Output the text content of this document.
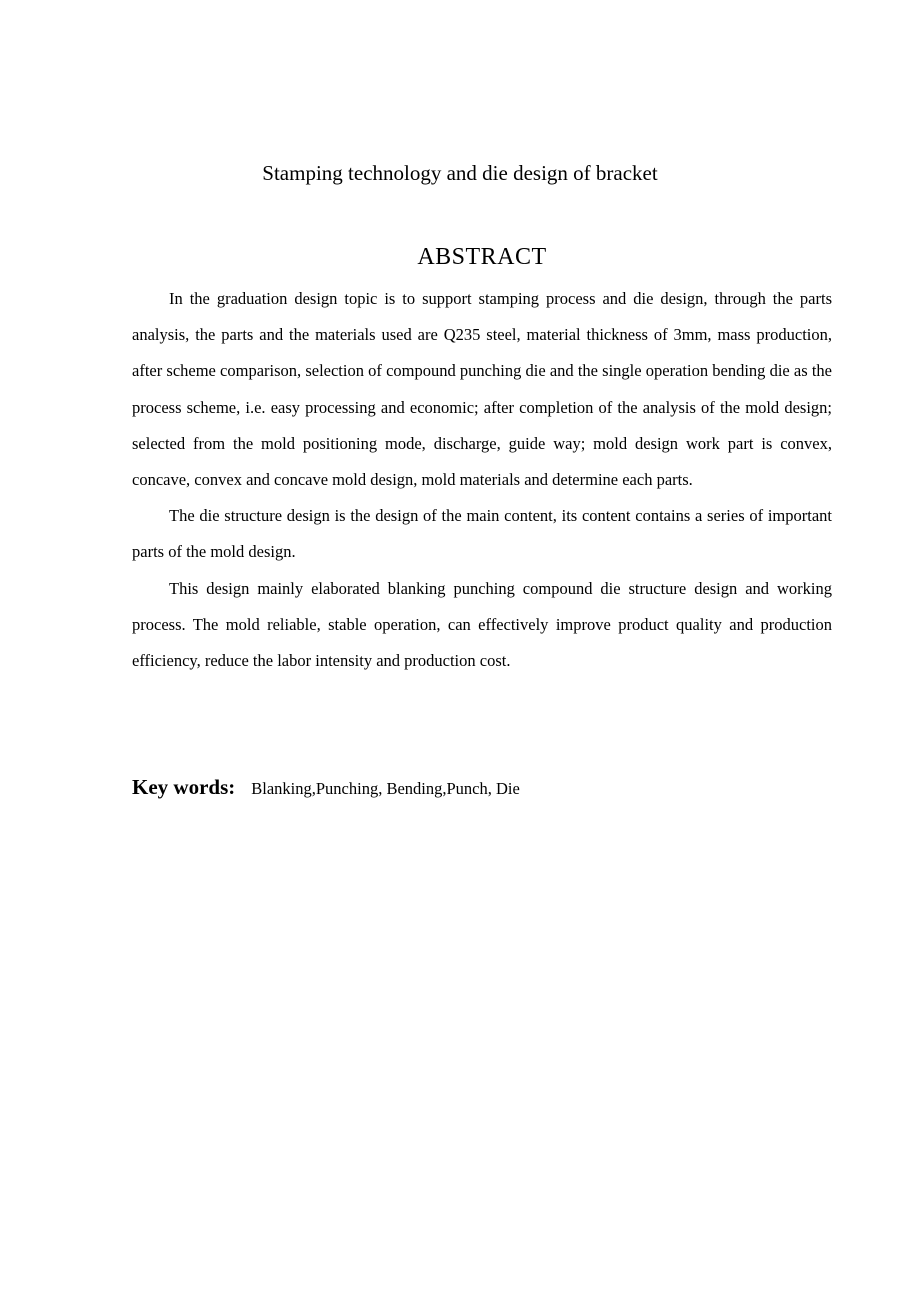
Stamping technology and die design of bracket
ABSTRACT

In the graduation design topic is to support stamping process and die design, through the parts analysis, the parts and the materials used are Q235 steel, material thickness of 3mm, mass production, after scheme comparison, selection of compound punching die and the single operation bending die as the process scheme, i.e. easy processing and economic; after completion of the analysis of the mold design; selected from the mold positioning mode, discharge, guide way; mold design work part is convex, concave, convex and concave mold design, mold materials and determine each parts.

The die structure design is the design of the main content, its content contains a series of important parts of the mold design.

This design mainly elaborated blanking punching compound die structure design and working process. The mold reliable, stable operation, can effectively improve product quality and production efficiency, reduce the labor intensity and production cost.

Key words: Blanking,Punching, Bending,Punch, Die
